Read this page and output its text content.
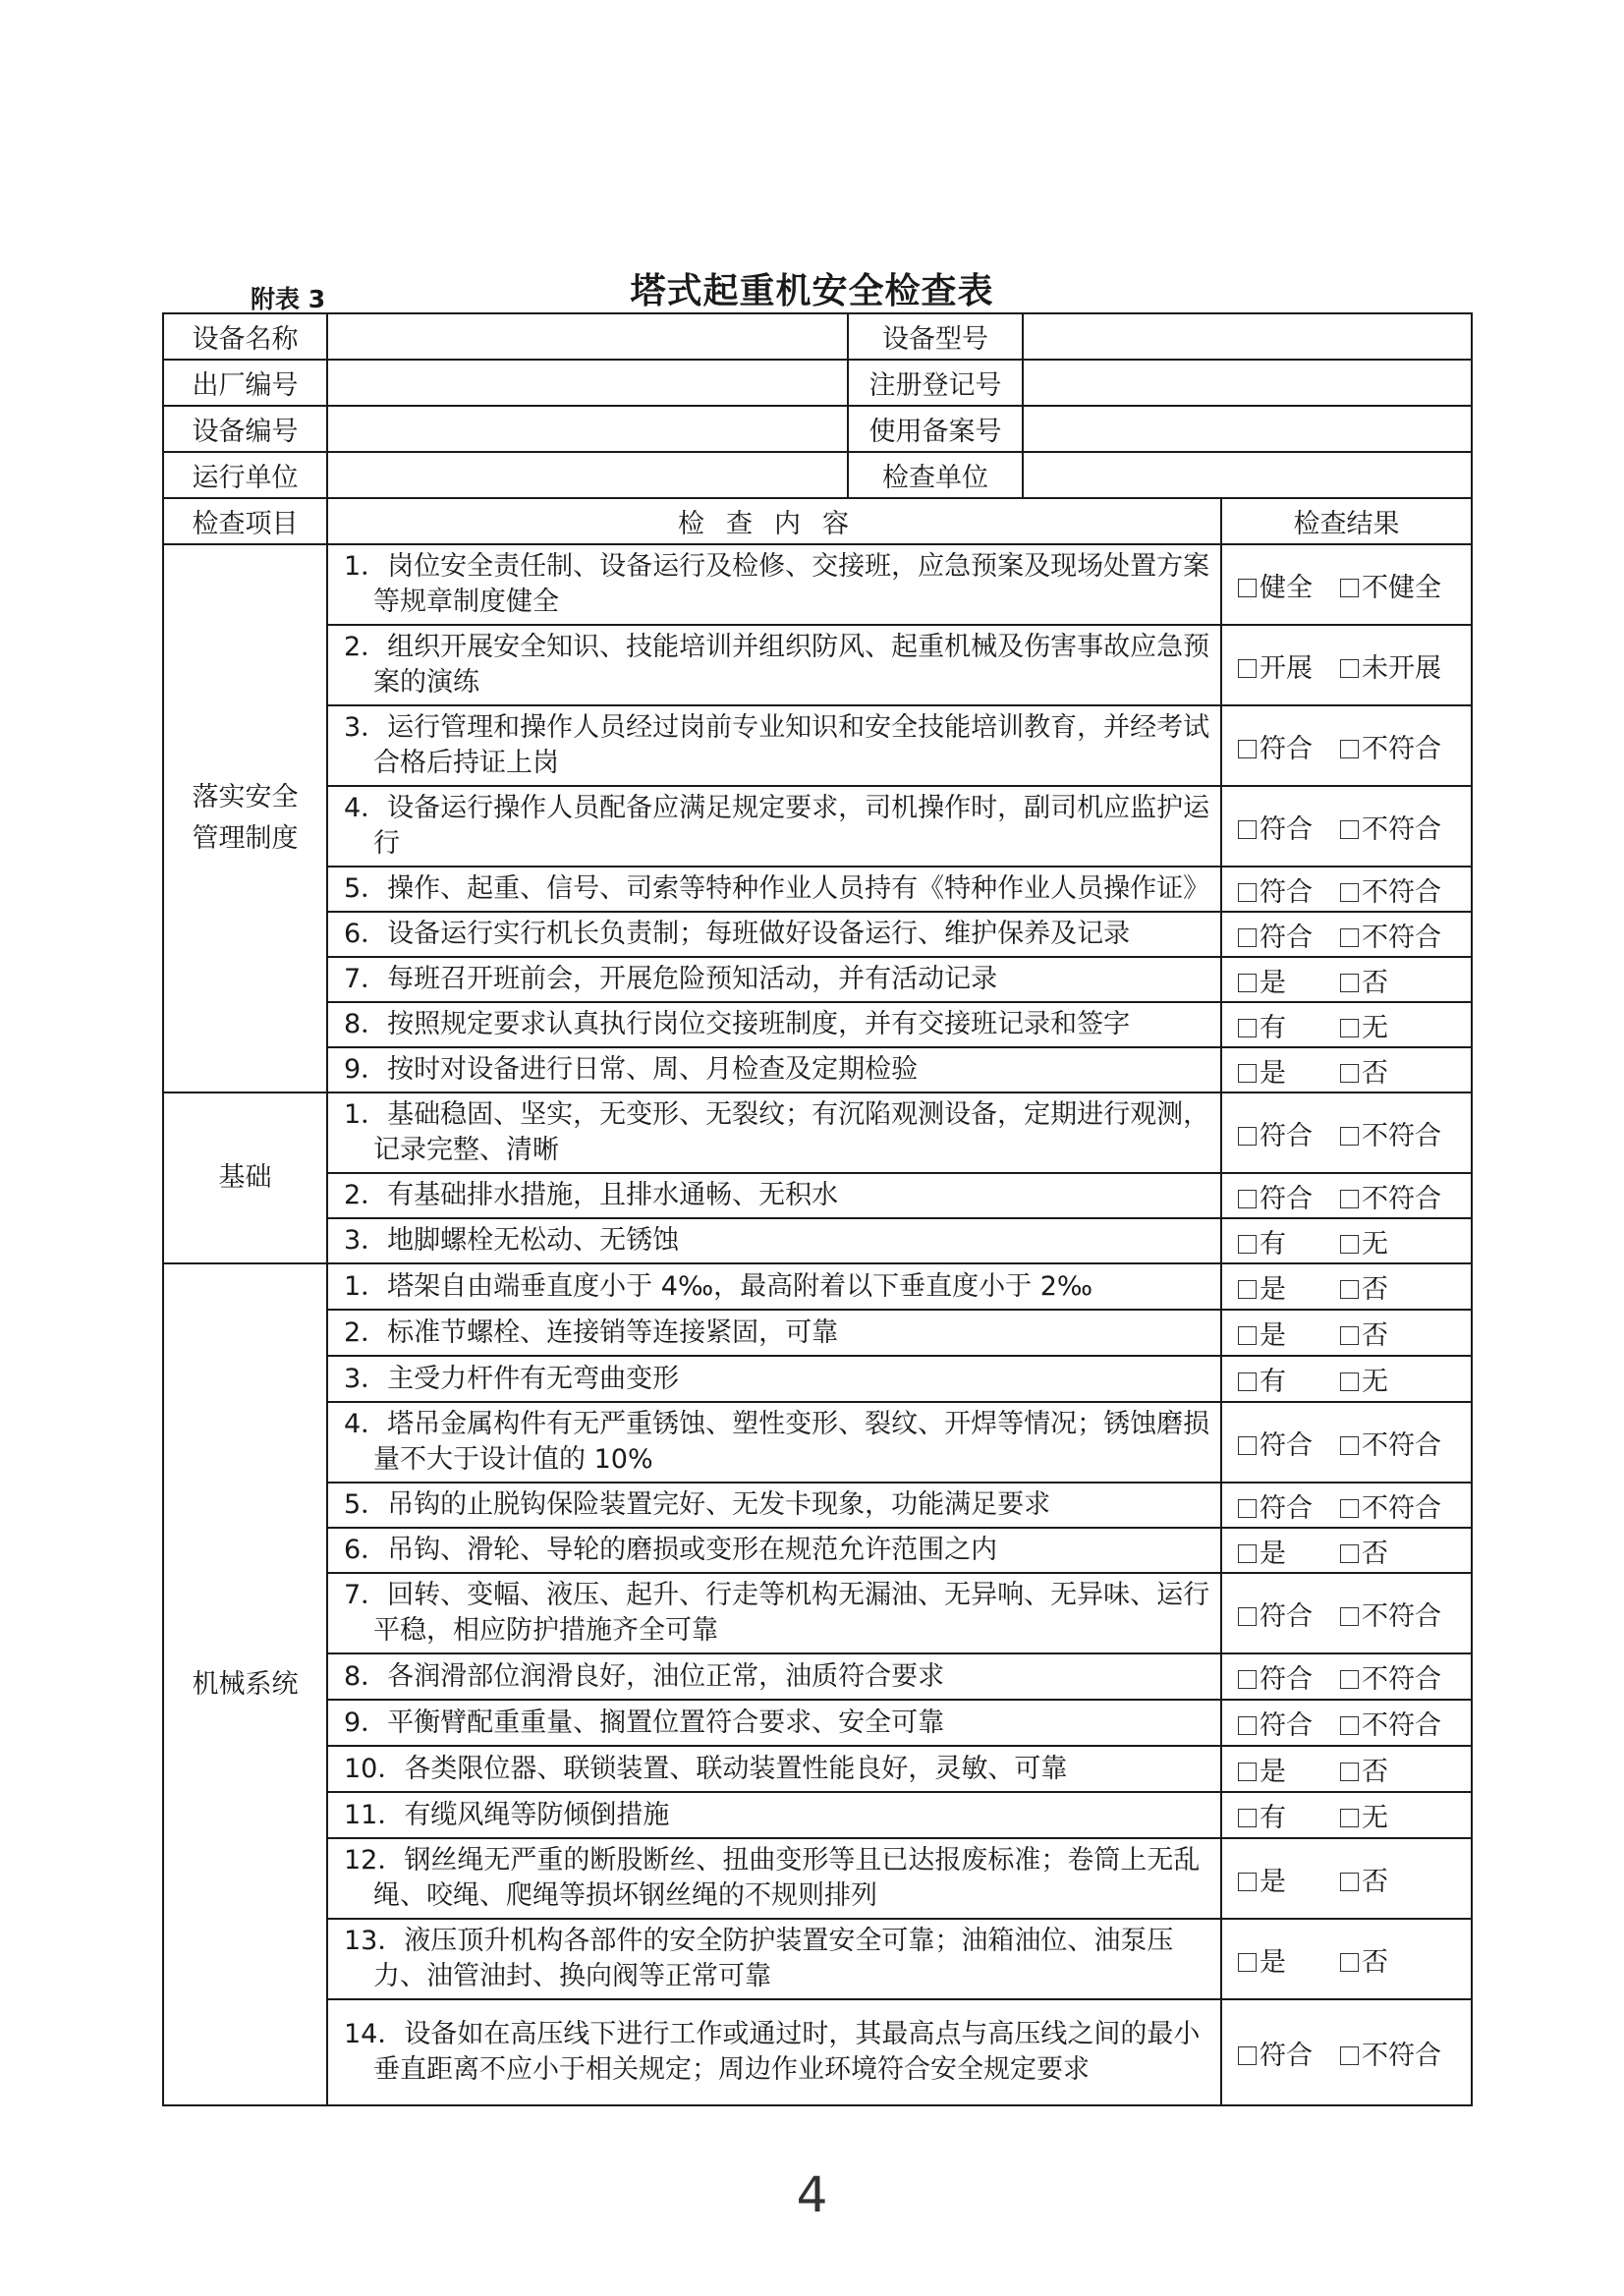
附表 3	塔式起重机安全检查表
设备名称		设备型号		
出厂编号		注册登记号		
设备编号		使用备案号		
运行单位		检查单位		
检查项目	检查内容			检查结果

落实安全
管理制度	1．岗位安全责任制、设备运行及检修、交接班，应急预案及现场处置方案等规章制度健全			健全 不健全

	2．组织开展安全知识、技能培训并组织防风、起重机械及伤害事故应急预案的演练			开展 未开展

	3．运行管理和操作人员经过岗前专业知识和安全技能培训教育，并经考试合格后持证上岗			符合 不符合

	4．设备运行操作人员配备应满足规定要求，司机操作时，副司机应监护运行			符合 不符合

	5．操作、起重、信号、司索等特种作业人员持有《特种作业人员操作证》			符合 不符合

	6．设备运行实行机长负责制；每班做好设备运行、维护保养及记录			符合 不符合

	7．每班召开班前会，开展危险预知活动，并有活动记录			是 否

	8．按照规定要求认真执行岗位交接班制度，并有交接班记录和签字			有 无

	9．按时对设备进行日常、周、月检查及定期检验			是 否

基础	1．基础稳固、坚实，无变形、无裂纹；有沉陷观测设备，定期进行观测，记录完整、清晰			符合 不符合

	2．有基础排水措施，且排水通畅、无积水			符合 不符合

	3．地脚螺栓无松动、无锈蚀			有 无

机械系统	1．塔架自由端垂直度小于 4‰，最高附着以下垂直度小于 2‰			是 否

	2．标准节螺栓、连接销等连接紧固，可靠			是 否

	3．主受力杆件有无弯曲变形			有 无

	4．塔吊金属构件有无严重锈蚀、塑性变形、裂纹、开焊等情况；锈蚀磨损量不大于设计值的 10%			符合 不符合

	5．吊钩的止脱钩保险装置完好、无发卡现象，功能满足要求			符合 不符合

	6．吊钩、滑轮、导轮的磨损或变形在规范允许范围之内			是 否

	7．回转、变幅、液压、起升、行走等机构无漏油、无异响、无异味、运行平稳，相应防护措施齐全可靠			符合 不符合

	8．各润滑部位润滑良好，油位正常，油质符合要求			符合 不符合

	9．平衡臂配重重量、搁置位置符合要求、安全可靠			符合 不符合

	10．各类限位器、联锁装置、联动装置性能良好，灵敏、可靠			是 否

	11．有缆风绳等防倾倒措施			有 无

	12．钢丝绳无严重的断股断丝、扭曲变形等且已达报废标准；卷筒上无乱绳、咬绳、爬绳等损坏钢丝绳的不规则排列			是 否

	13．液压顶升机构各部件的安全防护装置安全可靠；油箱油位、油泵压力、油管油封、换向阀等正常可靠			是 否

	14．设备如在高压线下进行工作或通过时，其最高点与高压线之间的最小垂直距离不应小于相关规定；周边作业环境符合安全规定要求			符合 不符合
4
